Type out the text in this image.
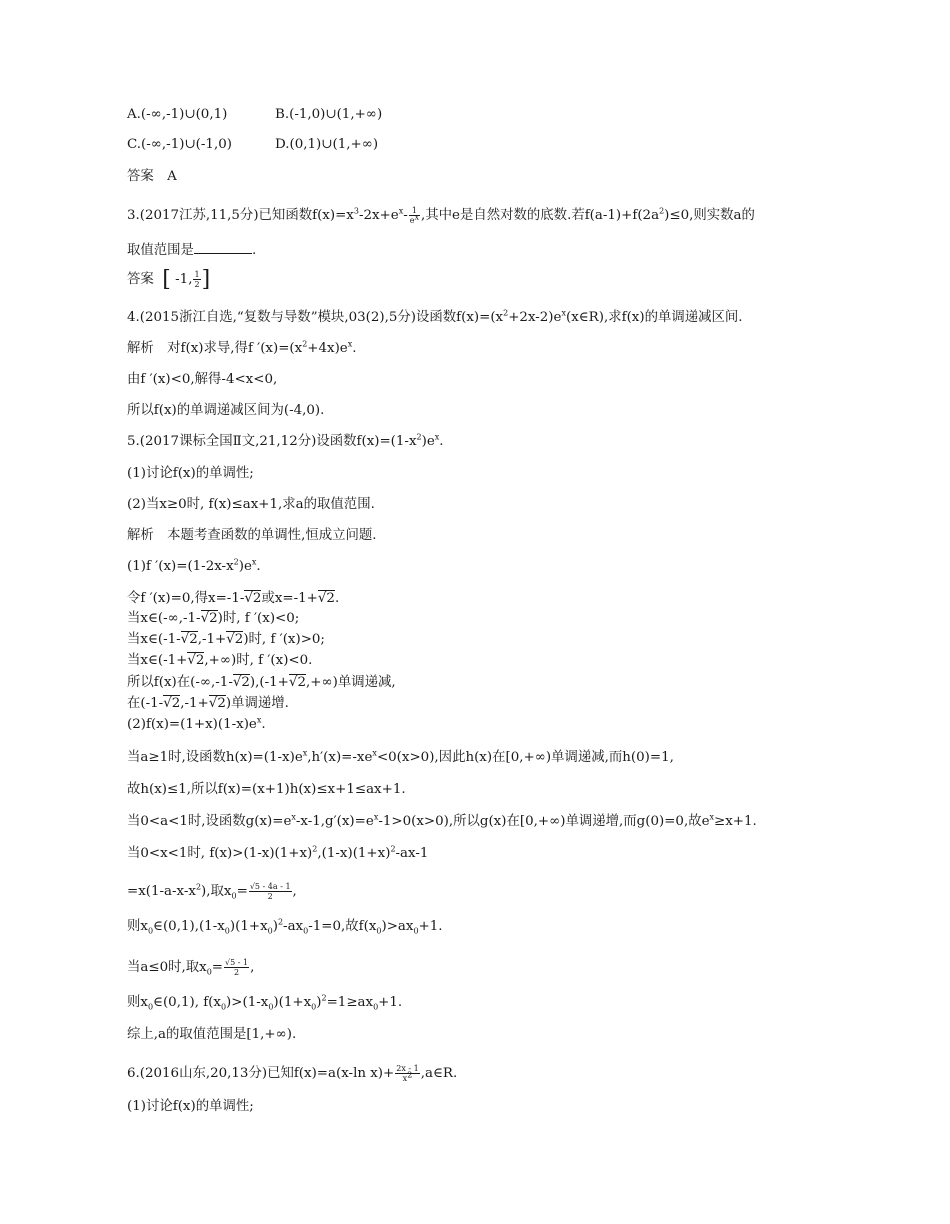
A.(-∞,-1)∪(0,1)	B.(-1,0)∪(1,+∞)
C.(-∞,-1)∪(-1,0)	D.(0,1)∪(1,+∞)
答案　A
3.(2017江苏,11,5分)已知函数$f(x)=x^3-2x+e^x- \frac{1}{e^x}$ ,其中e是自然对数的底数.若$f(a-1)+f(2a^2)\le 0$,则实数a的
取值范围是	.
答案 [ -1, $\frac{1}{2}$ ]
4.(2015浙江自选,“复数与导数”模块,03(2),5分)设函数$f(x)=(x^2+2x-2)e^x(x\in R)$,求f(x)的单调递减区间.
解析　对f(x)求导,得f $'(x)=(x^2+4x)e^x$.
由f ′(x)<0,解得-4<x<0,
所以f(x)的单调递减区间为(-4,0).
5.(2017课标全国Ⅱ文,21,12分)设函数$f(x)=(1-x^2)e^x$.
(1)讨论f(x)的单调性;
(2)当x≥0时, f(x)≤ax+1,求a的取值范围.
解析　本题考查函数的单调性,恒成立问题.
(1)f $'(x)=(1-2x-x^2)e^x$.
令f ′(x)=0,得x=-1-√2或x=-1+√2.
当x∈(-∞,-1-√2)时, f ′(x)<0;
当x∈(-1-√2,-1+√2)时, f ′(x)>0;
当x∈(-1+√2,+∞)时, f ′(x)<0.
所以f(x)在(-∞,-1-√2),(-1+√2,+∞)单调递减,
在(-1-√2,-1+√2)单调递增.
$(2)f(x)=(1+x)(1-x)e^x$.
当a≥1时,设函数$h(x)=(1-x)e^x,h'(x)=-xe^x<0(x>0)$,因此h(x)在[0,+∞)单调递减,而h(0)=1,
故h(x)≤1,所以f(x)=(x+1)h(x)≤x+1≤ax+1.
当0<a<1时,设函数$g(x)=e^x-x-1,g'(x)=e^x-1>0(x>0)$,所以g(x)在[0,+∞)单调递增,而g(0)=0,故$e^x\ge x+1$.
当0<x<1时, $f(x)>(1-x)(1+x)^2,(1-x)(1+x)^2-ax-1$
$=x(1-a-x-x^2)$,取$x_0= \frac{√5 - 4a - 1}{2}$ ,
则$x_0\in(0,1),(1-x_0)(1+x_0)^2-ax_0-1=0$,故$f(x_0)>ax_0+1$.
当a≤0时,取$x_0= \frac{√5 - 1}{2}$ ,
则$x_0\in(0,1)$, $f(x_0)>(1-x_0)(1+x_0)^2=1\ge ax_0+1$.
综上,a的取值范围是[1,+∞).
6.(2016山东,20,13分)已知f(x)=a(x-ln $x)+ \frac{2x - 1}{x^2}$ ,a∈R.
(1)讨论f(x)的单调性;
